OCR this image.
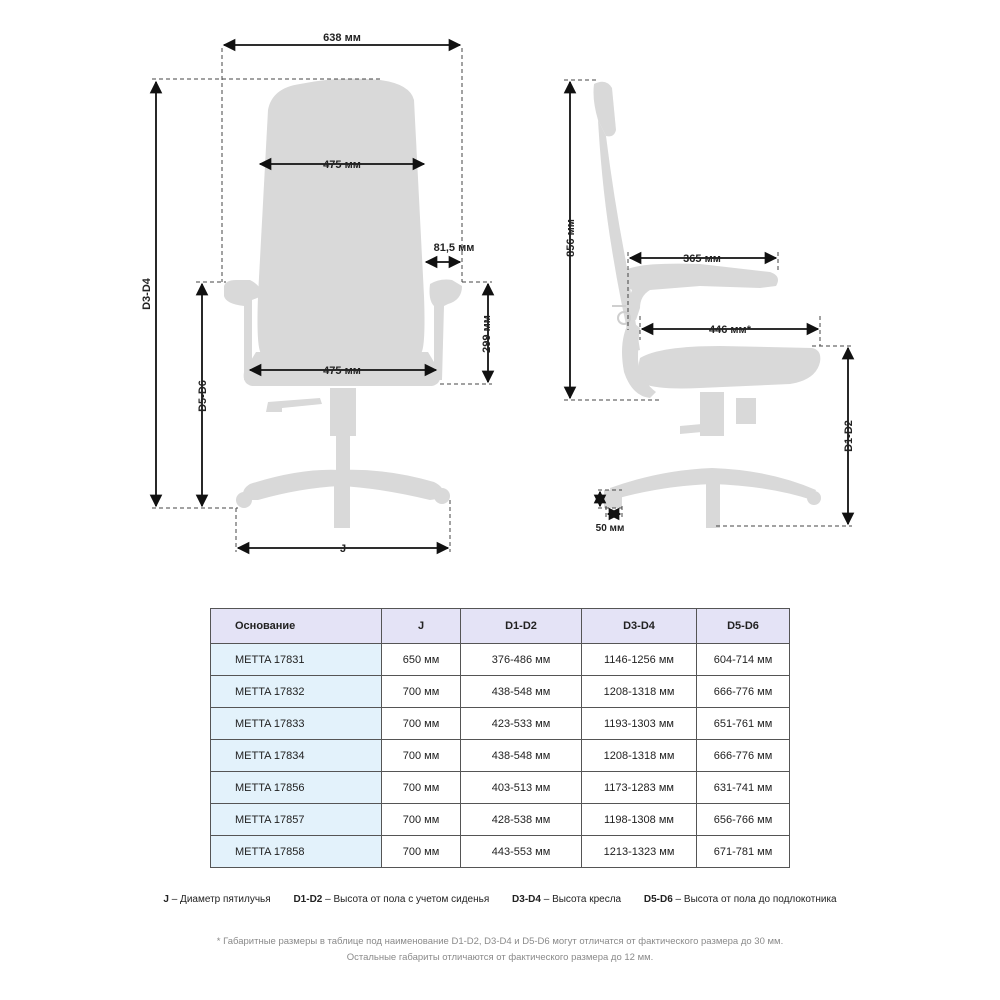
638 мм
475 мм
81,5 мм
475 мм
299 мм
D3-D4
D5-D6
J
856 мм
365 мм
446 мм*
D1-D2
50 мм
Основание	J	D1-D2	D3-D4	D5-D6
METTA 17831	650 мм	376-486 мм	1146-1256 мм	604-714 мм
METTA 17832	700 мм	438-548 мм	1208-1318 мм	666-776 мм
METTA 17833	700 мм	423-533 мм	1193-1303 мм	651-761 мм
METTA 17834	700 мм	438-548 мм	1208-1318 мм	666-776 мм
METTA 17856	700 мм	403-513 мм	1173-1283 мм	631-741 мм
METTA 17857	700 мм	428-538 мм	1198-1308 мм	656-766 мм
METTA 17858	700 мм	443-553 мм	1213-1323 мм	671-781 мм
J – Диаметр пятилучья D1-D2 – Высота от пола с учетом сиденья D3-D4 – Высота кресла D5-D6 – Высота от пола до подлокотника
* Габаритные размеры в таблице под наименование D1-D2, D3-D4 и D5-D6 могут отличатся от фактического размера до 30 мм.
Остальные габариты отличаются от фактического размера до 12 мм.
